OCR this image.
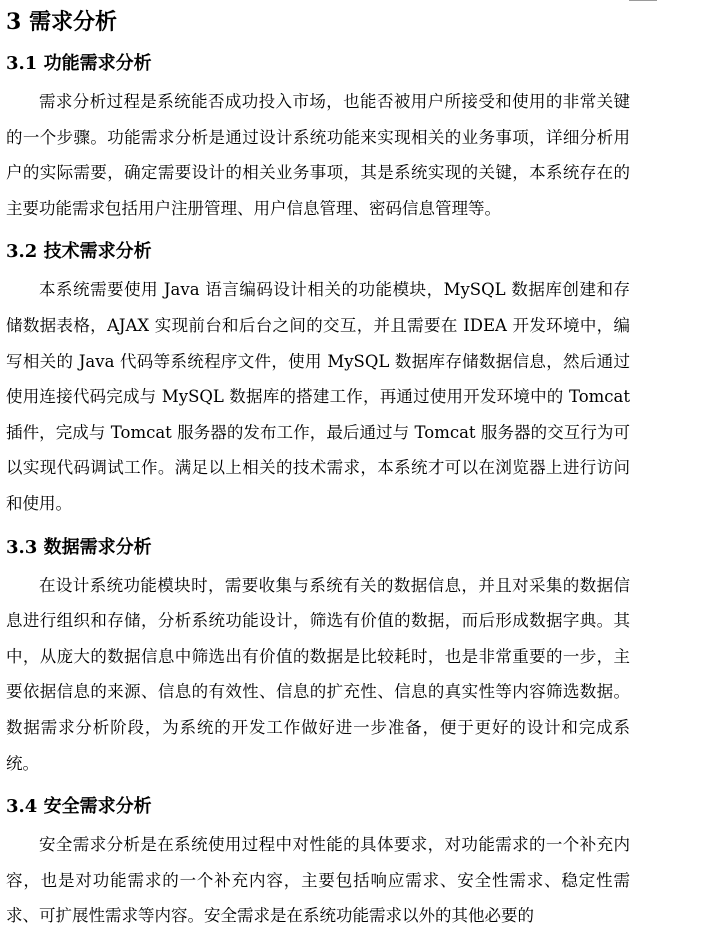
3 需求分析
3.1 功能需求分析

需求分析过程是系统能否成功投入市场，也能否被用户所接受和使用的非常关键的一个步骤。功能需求分析是通过设计系统功能来实现相关的业务事项，详细分析用户的实际需要，确定需要设计的相关业务事项，其是系统实现的关键，本系统存在的主要功能需求包括用户注册管理、用户信息管理、密码信息管理等。

3.2 技术需求分析

本系统需要使用 Java 语言编码设计相关的功能模块，MySQL 数据库创建和存储数据表格，AJAX 实现前台和后台之间的交互，并且需要在 IDEA 开发环境中，编写相关的 Java 代码等系统程序文件，使用 MySQL 数据库存储数据信息，然后通过使用连接代码完成与 MySQL 数据库的搭建工作，再通过使用开发环境中的 Tomcat 插件，完成与 Tomcat 服务器的发布工作，最后通过与 Tomcat 服务器的交互行为可以实现代码调试工作。满足以上相关的技术需求，本系统才可以在浏览器上进行访问和使用。

3.3 数据需求分析

在设计系统功能模块时，需要收集与系统有关的数据信息，并且对采集的数据信息进行组织和存储，分析系统功能设计，筛选有价值的数据，而后形成数据字典。其中，从庞大的数据信息中筛选出有价值的数据是比较耗时，也是非常重要的一步，主要依据信息的来源、信息的有效性、信息的扩充性、信息的真实性等内容筛选数据。数据需求分析阶段，为系统的开发工作做好进一步准备，便于更好的设计和完成系统。

3.4 安全需求分析

安全需求分析是在系统使用过程中对性能的具体要求，对功能需求的一个补充内容，也是对功能需求的一个补充内容，主要包括响应需求、安全性需求、稳定性需求、可扩展性需求等内容。安全需求是在系统功能需求以外的其他必要的
